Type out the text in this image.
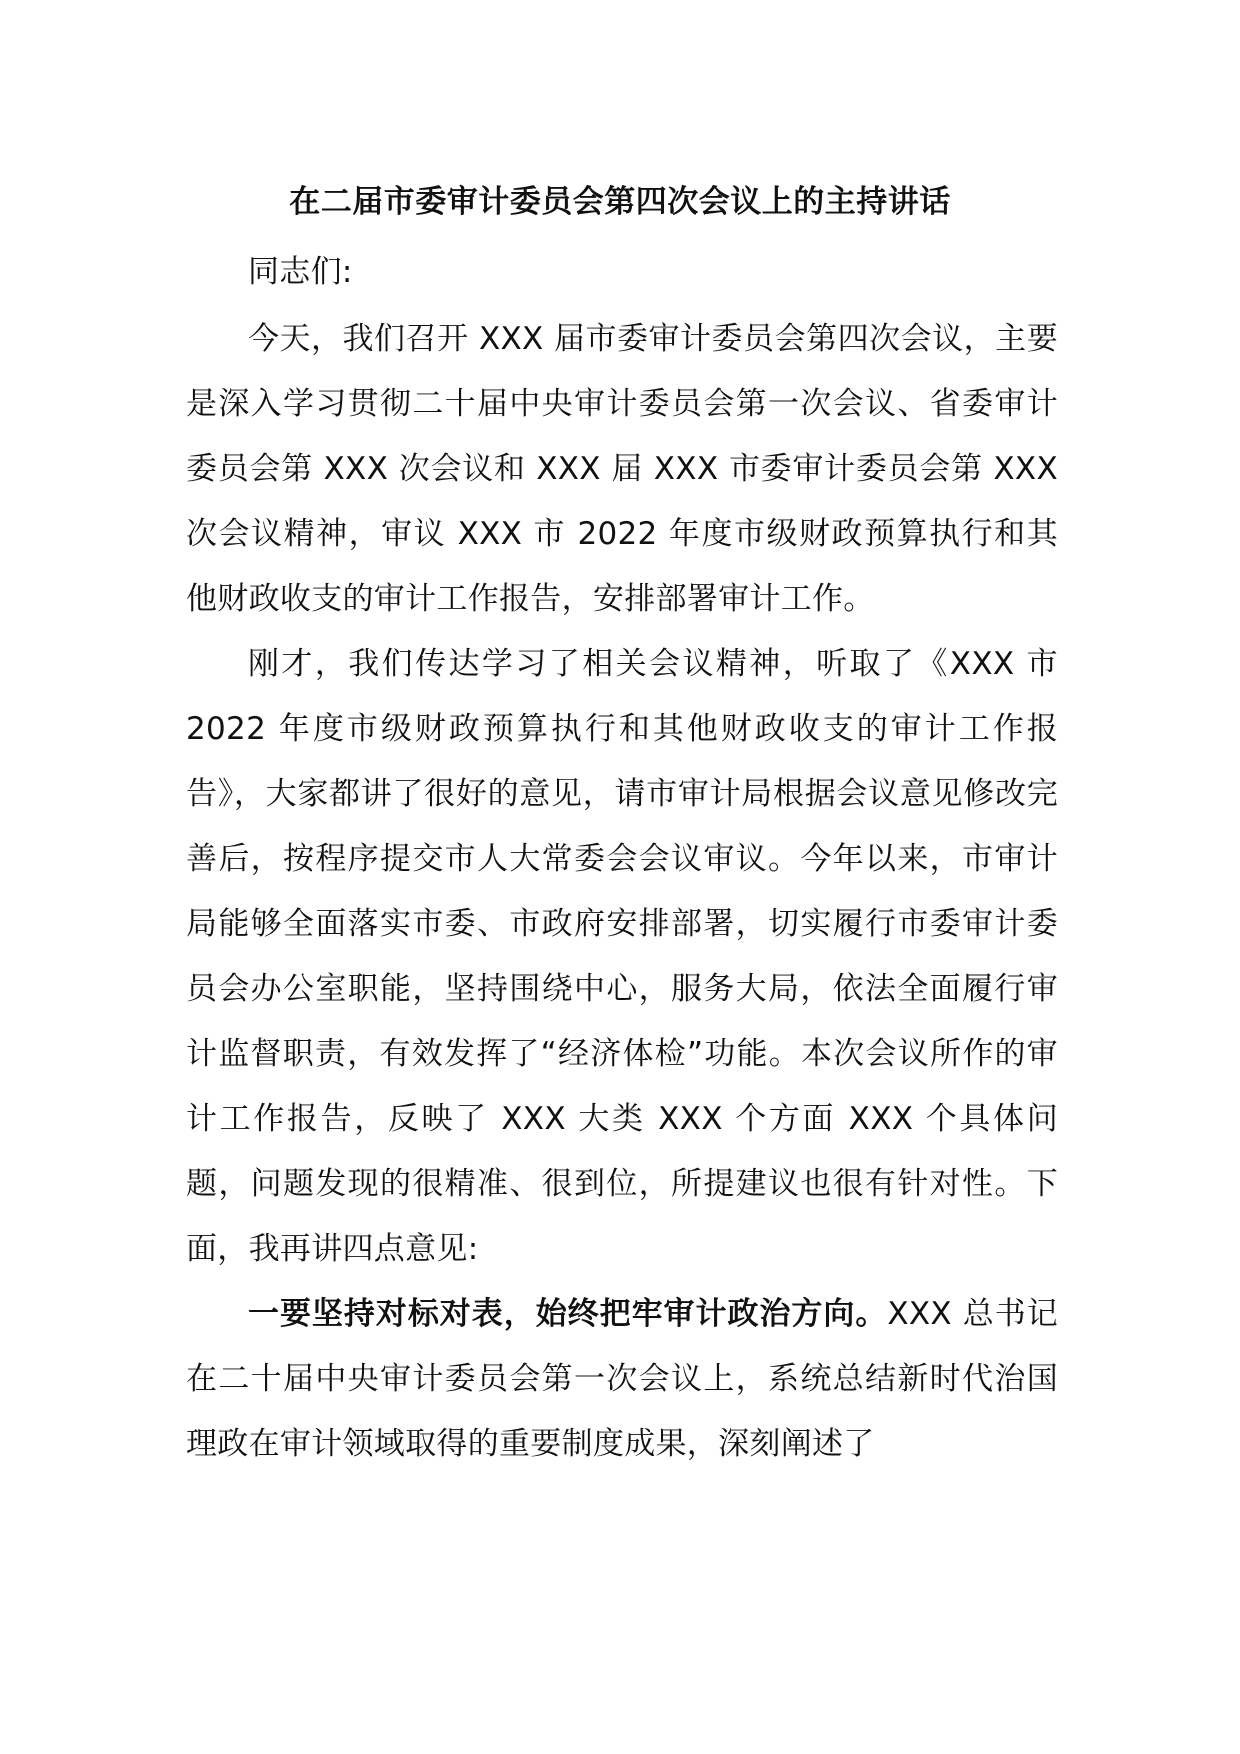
在二届市委审计委员会第四次会议上的主持讲话

同志们:

今天，我们召开 XXX 届市委审计委员会第四次会议，主要是深入学习贯彻二十届中央审计委员会第一次会议、省委审计委员会第 XXX 次会议和 XXX 届 XXX 市委审计委员会第 XXX 次会议精神，审议 XXX 市 2022 年度市级财政预算执行和其他财政收支的审计工作报告，安排部署审计工作。

刚才，我们传达学习了相关会议精神，听取了《XXX 市 2022 年度市级财政预算执行和其他财政收支的审计工作报告》，大家都讲了很好的意见，请市审计局根据会议意见修改完善后，按程序提交市人大常委会会议审议。今年以来，市审计局能够全面落实市委、市政府安排部署，切实履行市委审计委员会办公室职能，坚持围绕中心，服务大局，依法全面履行审计监督职责，有效发挥了“经济体检”功能。本次会议所作的审计工作报告，反映了 XXX 大类 XXX 个方面 XXX 个具体问题，问题发现的很精准、很到位，所提建议也很有针对性。下面，我再讲四点意见:

一要坚持对标对表，始终把牢审计政治方向。XXX 总书记在二十届中央审计委员会第一次会议上，系统总结新时代治国理政在审计领域取得的重要制度成果，深刻阐述了
